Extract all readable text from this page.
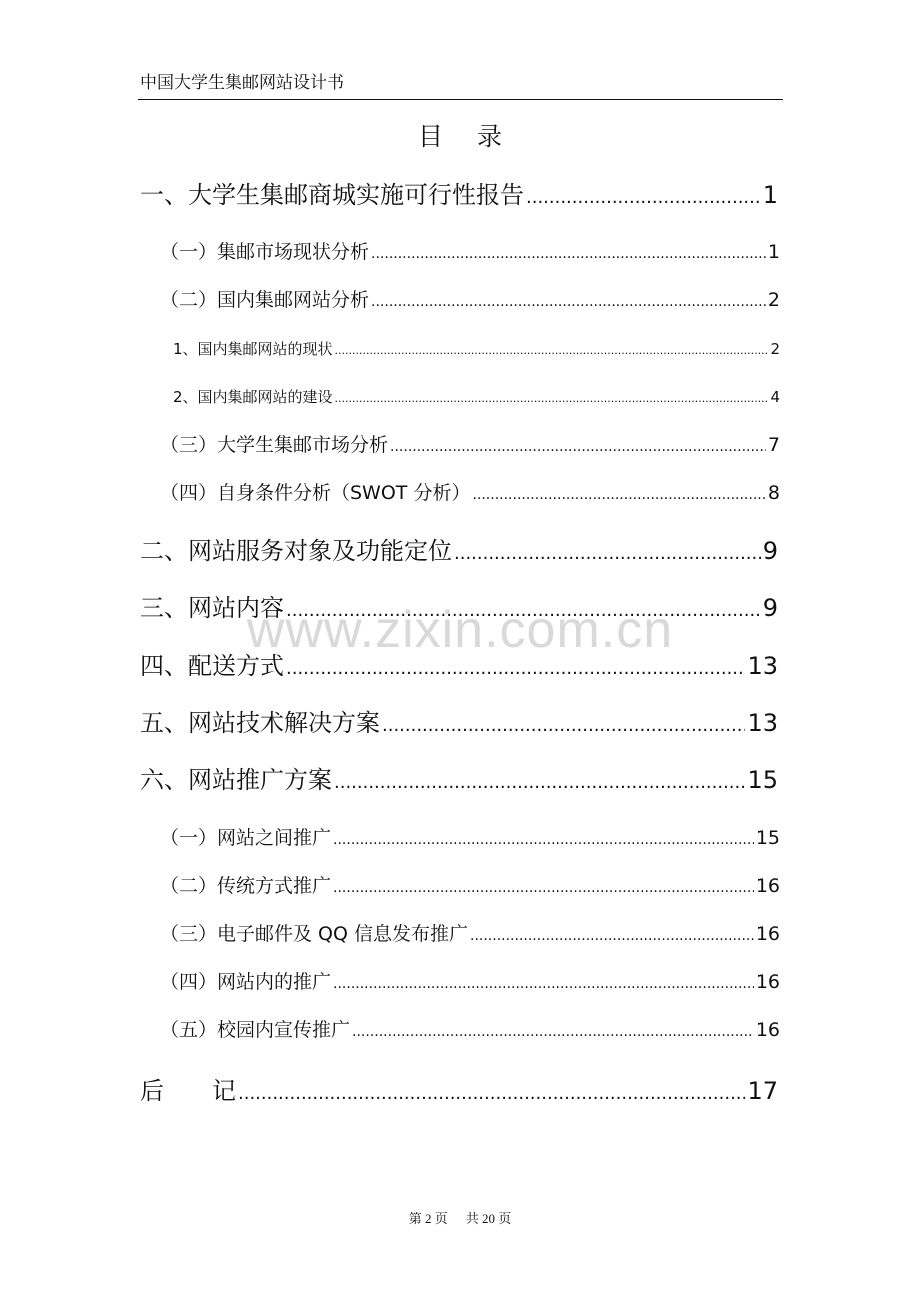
中国大学生集邮网站设计书
目 录
一、大学生集邮商城实施可行性报告 .....	1
（一）集邮市场现状分析 .....	1
（二）国内集邮网站分析 .....	2
1、国内集邮网站的现状 .....	2
2、国内集邮网站的建设 .....	4
（三）大学生集邮市场分析 .....	7
（四）自身条件分析（SWOT 分析） .....	8
二、网站服务对象及功能定位 .....	9
三、网站内容 .....	9
四、配送方式 .....	13
五、网站技术解决方案 .....	13
六、网站推广方案 .....	15
（一）网站之间推广 .....	15
（二）传统方式推广 .....	16
（三）电子邮件及 QQ 信息发布推广 .....	16
（四）网站内的推广 .....	16
（五）校园内宣传推广 .....	16
后 记 .....	17
www.zixin.com.cn
第 2 页 共 20 页
